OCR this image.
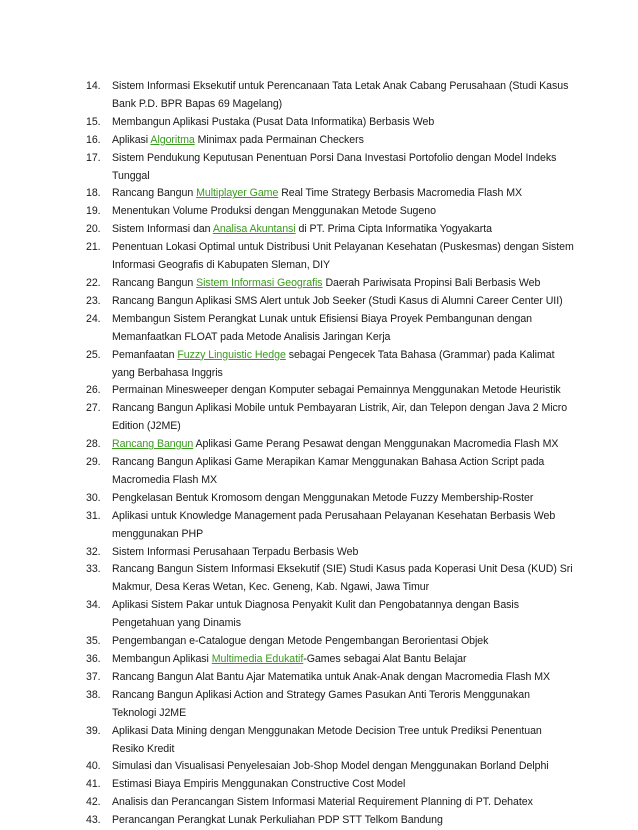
14.	Sistem Informasi Eksekutif untuk Perencanaan Tata Letak Anak Cabang Perusahaan (Studi Kasus Bank P.D. BPR Bapas 69 Magelang)
15.	Membangun Aplikasi Pustaka (Pusat Data Informatika) Berbasis Web
16.	Aplikasi Algoritma Minimax pada Permainan Checkers
17.	Sistem Pendukung Keputusan Penentuan Porsi Dana Investasi Portofolio dengan Model Indeks Tunggal
18.	Rancang Bangun Multiplayer Game Real Time Strategy Berbasis Macromedia Flash MX
19.	Menentukan Volume Produksi dengan Menggunakan Metode Sugeno
20.	Sistem Informasi dan Analisa Akuntansi di PT. Prima Cipta Informatika Yogyakarta
21.	Penentuan Lokasi Optimal untuk Distribusi Unit Pelayanan Kesehatan (Puskesmas) dengan Sistem Informasi Geografis di Kabupaten Sleman, DIY
22.	Rancang Bangun Sistem Informasi Geografis Daerah Pariwisata Propinsi Bali Berbasis Web
23.	Rancang Bangun Aplikasi SMS Alert untuk Job Seeker (Studi Kasus di Alumni Career Center UII)
24.	Membangun Sistem Perangkat Lunak untuk Efisiensi Biaya Proyek Pembangunan dengan Memanfaatkan FLOAT pada Metode Analisis Jaringan Kerja
25.	Pemanfaatan Fuzzy Linguistic Hedge sebagai Pengecek Tata Bahasa (Grammar) pada Kalimat yang Berbahasa Inggris
26.	Permainan Minesweeper dengan Komputer sebagai Pemainnya Menggunakan Metode Heuristik
27.	Rancang Bangun Aplikasi Mobile untuk Pembayaran Listrik, Air, dan Telepon dengan Java 2 Micro Edition (J2ME)
28.	Rancang Bangun Aplikasi Game Perang Pesawat dengan Menggunakan Macromedia Flash MX
29.	Rancang Bangun Aplikasi Game Merapikan Kamar Menggunakan Bahasa Action Script pada Macromedia Flash MX
30.	Pengkelasan Bentuk Kromosom dengan Menggunakan Metode Fuzzy Membership-Roster
31.	Aplikasi untuk Knowledge Management pada Perusahaan Pelayanan Kesehatan Berbasis Web menggunakan PHP
32.	Sistem Informasi Perusahaan Terpadu Berbasis Web
33.	Rancang Bangun Sistem Informasi Eksekutif (SIE) Studi Kasus pada Koperasi Unit Desa (KUD) Sri Makmur, Desa Keras Wetan, Kec. Geneng, Kab. Ngawi, Jawa Timur
34.	Aplikasi Sistem Pakar untuk Diagnosa Penyakit Kulit dan Pengobatannya dengan Basis Pengetahuan yang Dinamis
35.	Pengembangan e-Catalogue dengan Metode Pengembangan Berorientasi Objek
36.	Membangun Aplikasi Multimedia Edukatif-Games sebagai Alat Bantu Belajar
37.	Rancang Bangun Alat Bantu Ajar Matematika untuk Anak-Anak dengan Macromedia Flash MX
38.	Rancang Bangun Aplikasi Action and Strategy Games Pasukan Anti Teroris Menggunakan Teknologi J2ME
39.	Aplikasi Data Mining dengan Menggunakan Metode Decision Tree untuk Prediksi Penentuan Resiko Kredit
40.	Simulasi dan Visualisasi Penyelesaian Job-Shop Model dengan Menggunakan Borland Delphi
41.	Estimasi Biaya Empiris Menggunakan Constructive Cost Model
42.	Analisis dan Perancangan Sistem Informasi Material Requirement Planning di PT. Dehatex
43.	Perancangan Perangkat Lunak Perkuliahan PDP STT Telkom Bandung
